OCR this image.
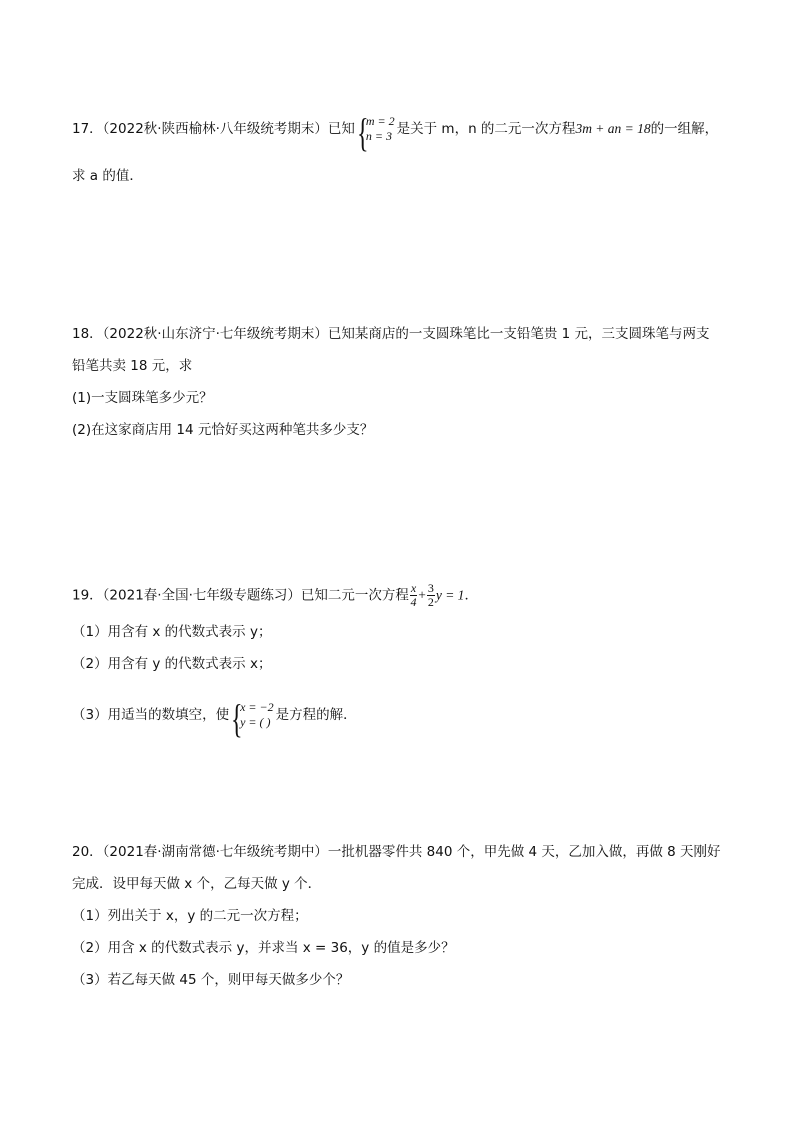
17．（2022秋·陕西榆林·八年级统考期末）已知 {
m = 2
n = 3 是关于 m，n 的二元一次方程3m + an = 18的一组解，
求 a 的值．
18．（2022秋·山东济宁·七年级统考期末）已知某商店的一支圆珠笔比一支铅笔贵 1 元，三支圆珠笔与两支
铅笔共卖 18 元，求
(1)一支圆珠笔多少元？
(2)在这家商店用 14 元恰好买这两种笔共多少支？
19．（2021春·全国·七年级专题练习）已知二元一次方程 $\frac{x}{4} + \frac{3}{2}$ y = 1．
（1）用含有 x 的代数式表示 y；
（2）用含有 y 的代数式表示 x；
（3）用适当的数填空，使 {
x = −2
y = ( ) 是方程的解．
20．（2021春·湖南常德·七年级统考期中）一批机器零件共 840 个，甲先做 4 天，乙加入做，再做 8 天刚好
完成．设甲每天做 x 个，乙每天做 y 个．
（1）列出关于 x，y 的二元一次方程；
（2）用含 x 的代数式表示 y，并求当 x = 36，y 的值是多少？
（3）若乙每天做 45 个，则甲每天做多少个？
